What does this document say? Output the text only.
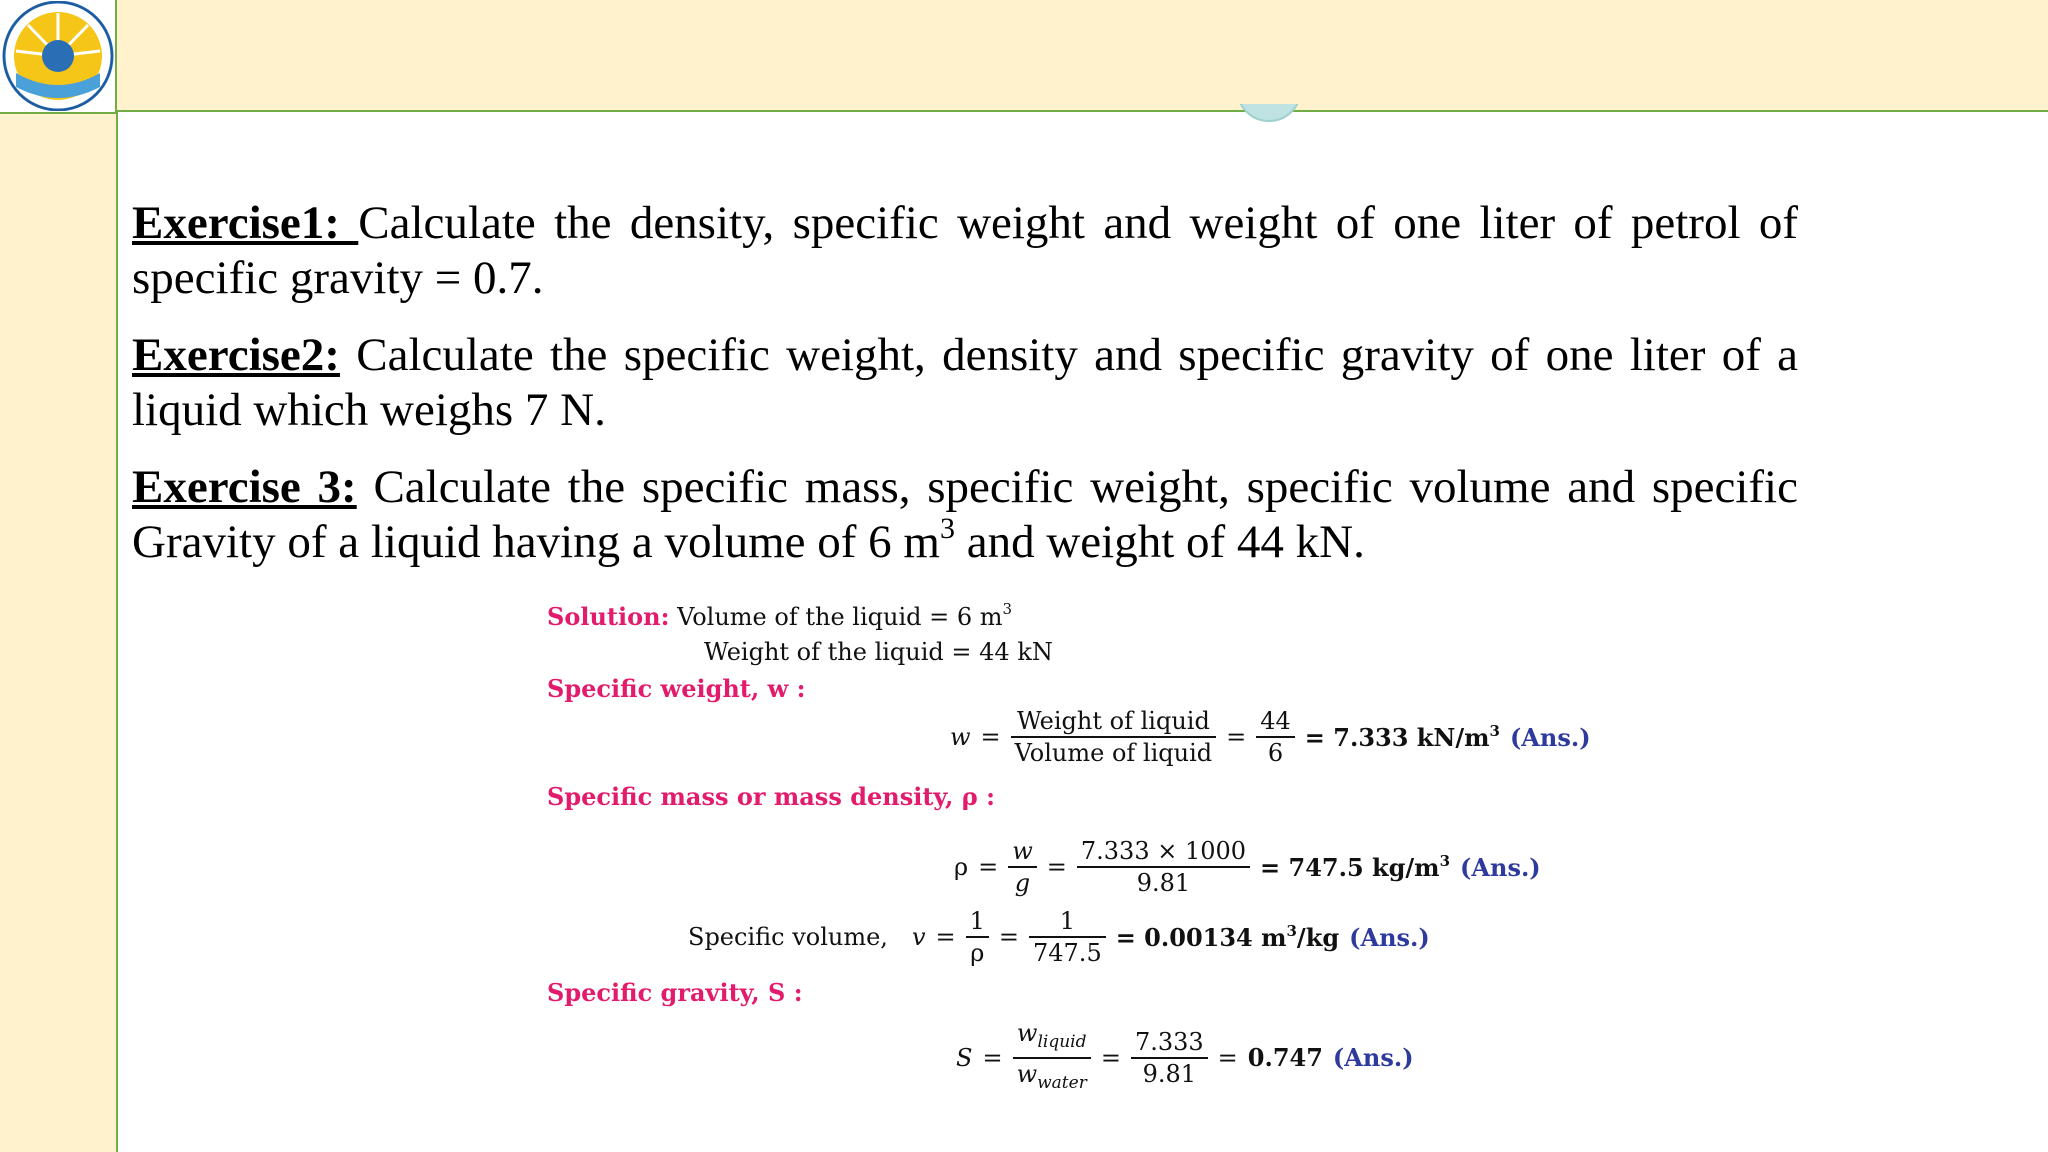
Exercise1: Calculate the density, specific weight and weight of one liter of petrol of specific gravity = 0.7.

Exercise2: Calculate the specific weight, density and specific gravity of one liter of a liquid which weighs 7 N.

Exercise 3: Calculate the specific mass, specific weight, specific volume and specific Gravity of a liquid having a volume of 6 $m^3$ and weight of 44 kN.

Solution: Volume of the liquid = 6 $m^3$
Weight of the liquid = 44 kN
Specific weight, w :
$w = \frac{\text{Weight of liquid}}{\text{Volume of liquid}} = \frac{44}{6} = 7.333$ $kN/m^3$ (Ans.)
Specific mass or mass density, ρ :
$\rho = \frac{w}{g} = \frac{7.333 \times 1000}{9.81} = 747.5$ $kg/m^3$ (Ans.)
Specific volume, $v = \frac{1}{\rho} = \frac{1}{747.5} = 0.00134$ $m^3/kg$ (Ans.)
Specific gravity, S :
$S = \frac{w_{liquid}}{w_{water}} = \frac{7.333}{9.81} = 0.747$ (Ans.)
